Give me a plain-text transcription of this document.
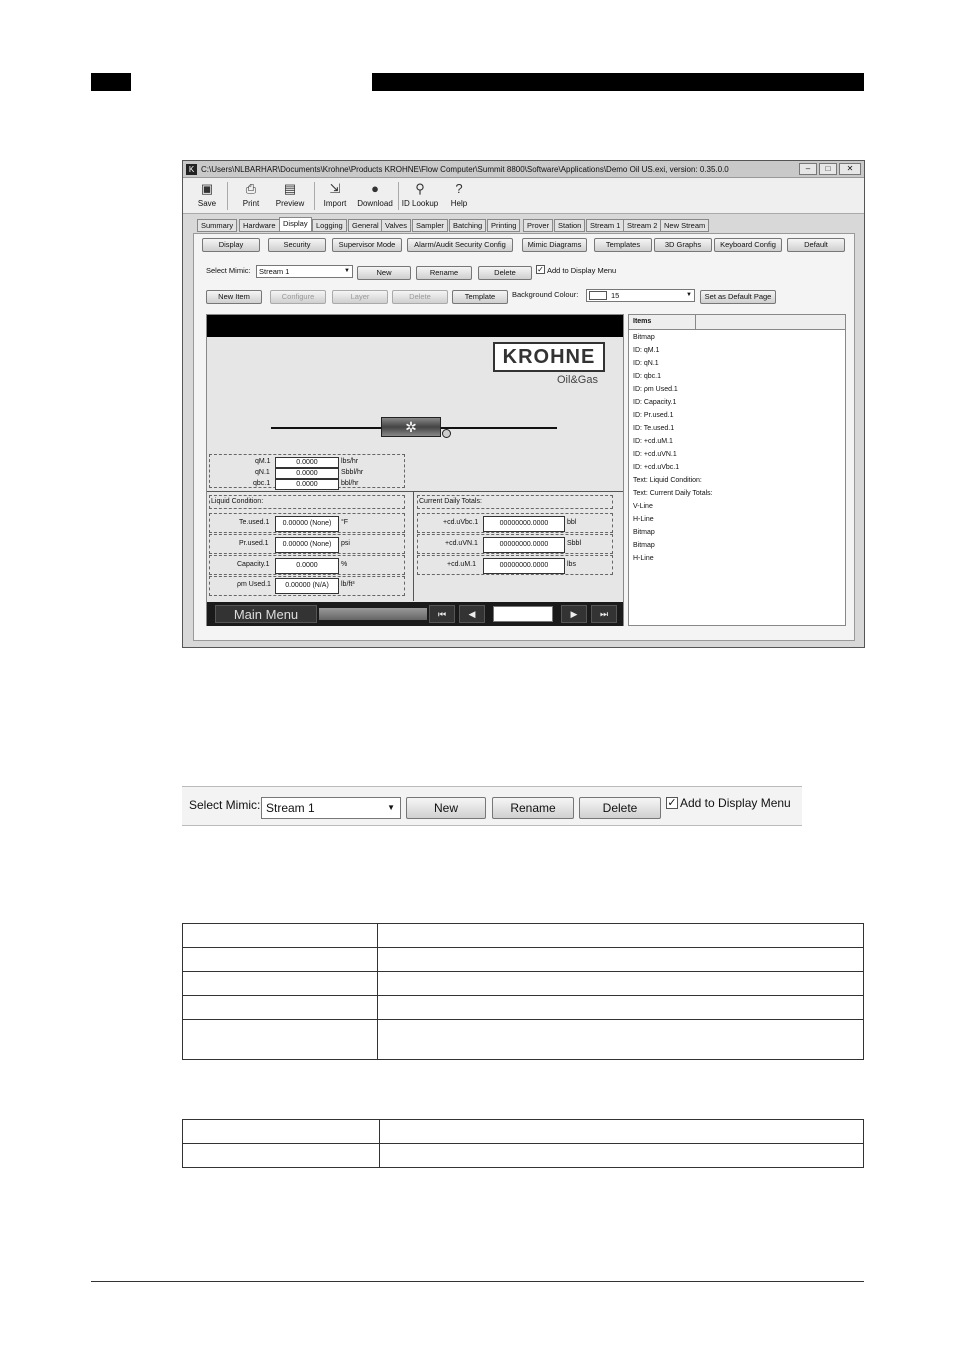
K C:\Users\NLBARHAR\Documents\Krohne\Products KROHNE\Flow Computer\Summit 8800\Software\Applications\Demo Oil US.exi, version: 0.35.0.0	–	□	✕
▣
Save
⎙
Print
▤
Preview
⇲
Import
●
Download
⚲
ID Lookup
?
Help
Summary	Hardware Display	Logging	General Valves	Sampler	Batching	Printing	Prover	Station	Stream 1 Stream 2 New Stream
Display	Security	Supervisor Mode	Alarm/Audit Security Config	Mimic Diagrams	Templates	3D Graphs	Keyboard Config	Default
Select Mimic:	Stream 1	▼	New	Rename	Delete	✓ Add to Display Menu
New Item	Configure	Layer	Delete	Template	Background Colour:	15	▼	Set as Default Page
KROHNE
Oil&Gas
✲
qM.1	0.0000	lbs/hr
qN.1	0.0000	Sbbl/hr
qbc.1	0.0000	bbl/hr
Liquid Condition:
Te.used.1	0.00000 (None)	°F
Pr.used.1	0.00000 (None)	psi
Capacity.1	0.0000	%
ρm Used.1	0.00000 (N/A)	lb/ft³
Current Daily Totals:
+cd.uVbc.1	00000000.0000	bbl
+cd.uVN.1	00000000.0000	Sbbl
+cd.uM.1	00000000.0000	lbs
Main Menu	⏮	◀	▶	⏭
Items
Bitmap
ID: qM.1
ID: qN.1
ID: qbc.1
ID: ρm Used.1
ID: Capacity.1
ID: Pr.used.1
ID: Te.used.1
ID: +cd.uM.1
ID: +cd.uVN.1
ID: +cd.uVbc.1
Text: Liquid Condition:
Text: Current Daily Totals:
V-Line
H-Line
Bitmap
Bitmap
H-Line
Select Mimic: Stream 1	▼	New	Rename	Delete	✓ Add to Display Menu
